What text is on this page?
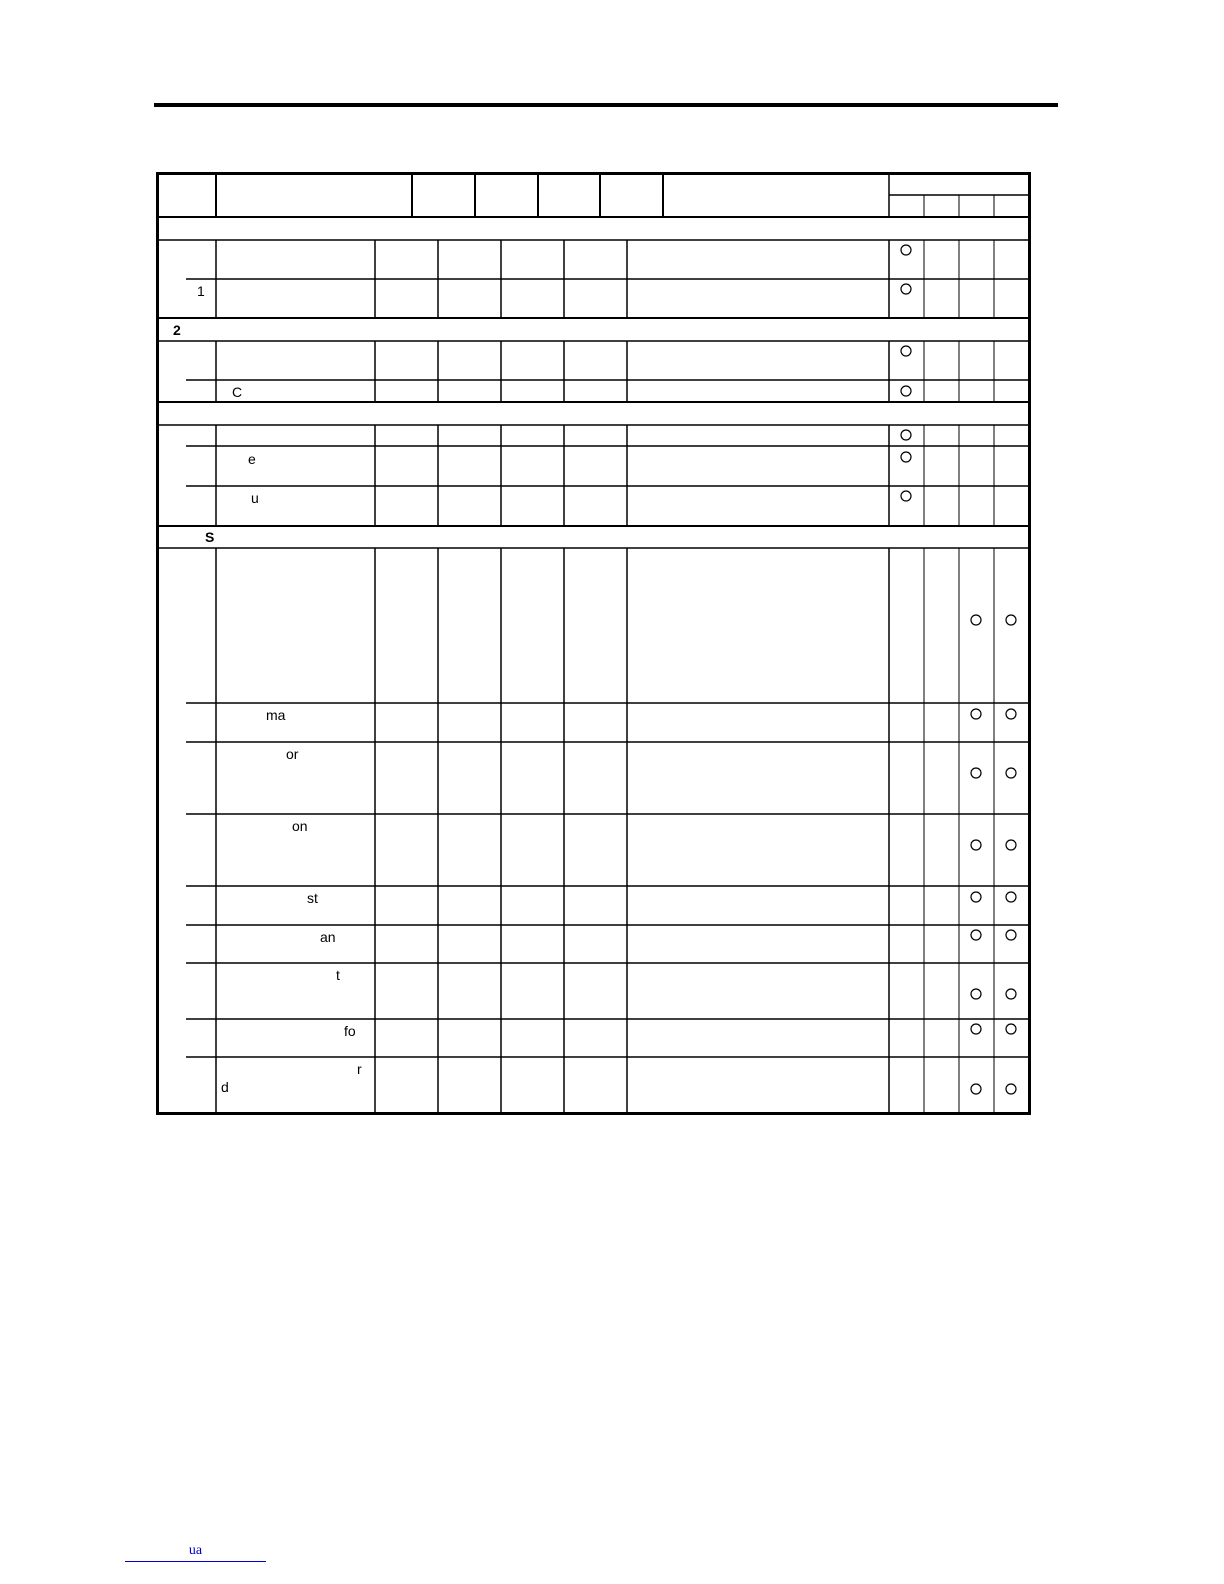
2
S
1
C
e
u
ma
or
on
st
an
t
fo
r
d
ua
